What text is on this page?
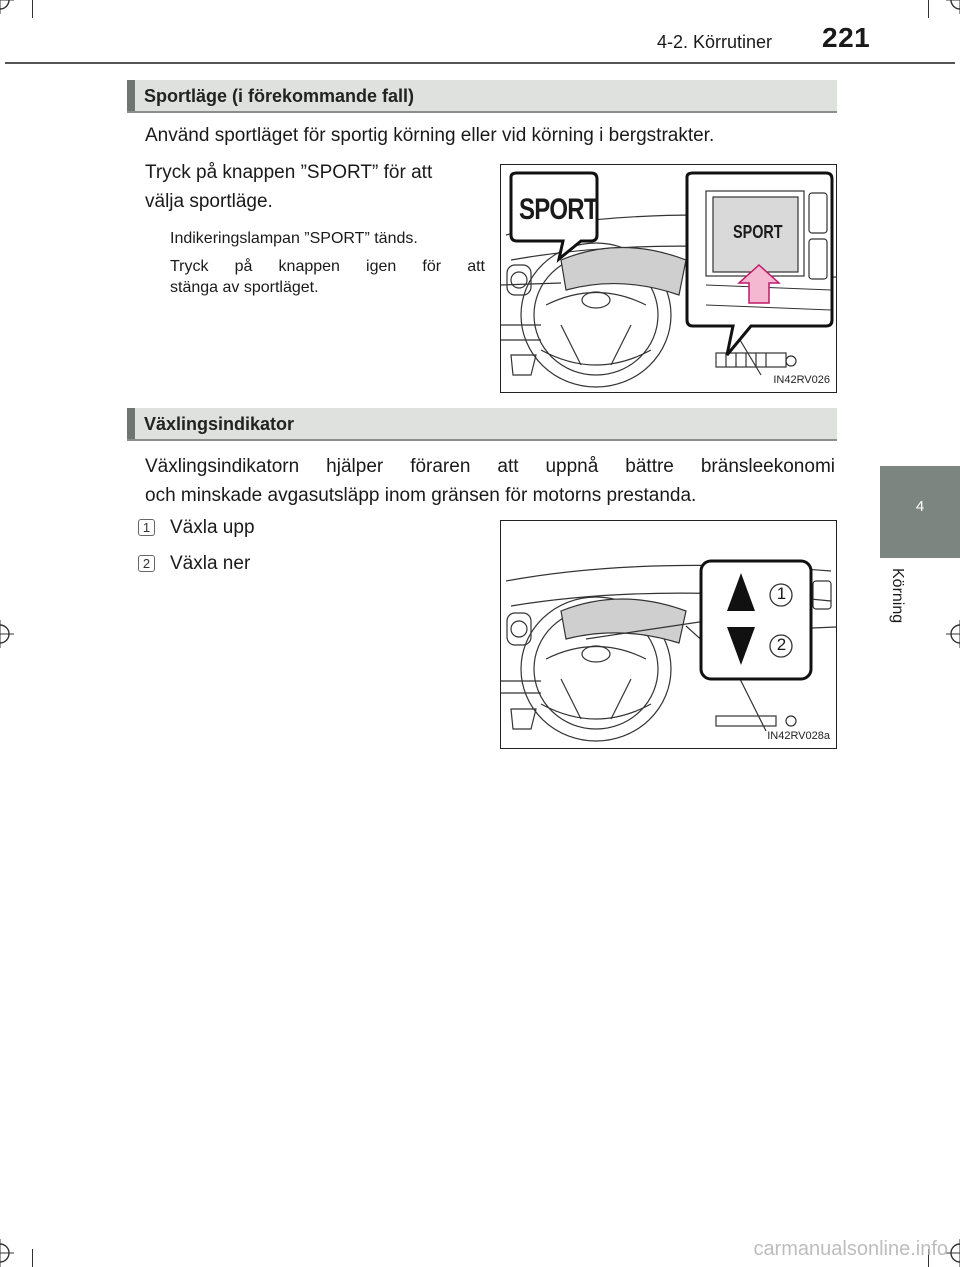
4-2. Körrutiner 221
4
Körning
Sportläge (i förekommande fall)
Använd sportläget för sportig körning eller vid körning i bergstrakter.
Tryck på knappen ”SPORT” för att
välja sportläge.
Indikeringslampan ”SPORT” tänds.
Tryck på knappen igen för att
stänga av sportläget.
SPORT
SPORT
IN42RV026
Växlingsindikator
Växlingsindikatorn hjälper föraren att uppnå bättre bränsleekonomi
och minskade avgasutsläpp inom gränsen för motorns prestanda.
1 Växla upp
2 Växla ner
1
2
IN42RV028a
carmanualsonline.info
